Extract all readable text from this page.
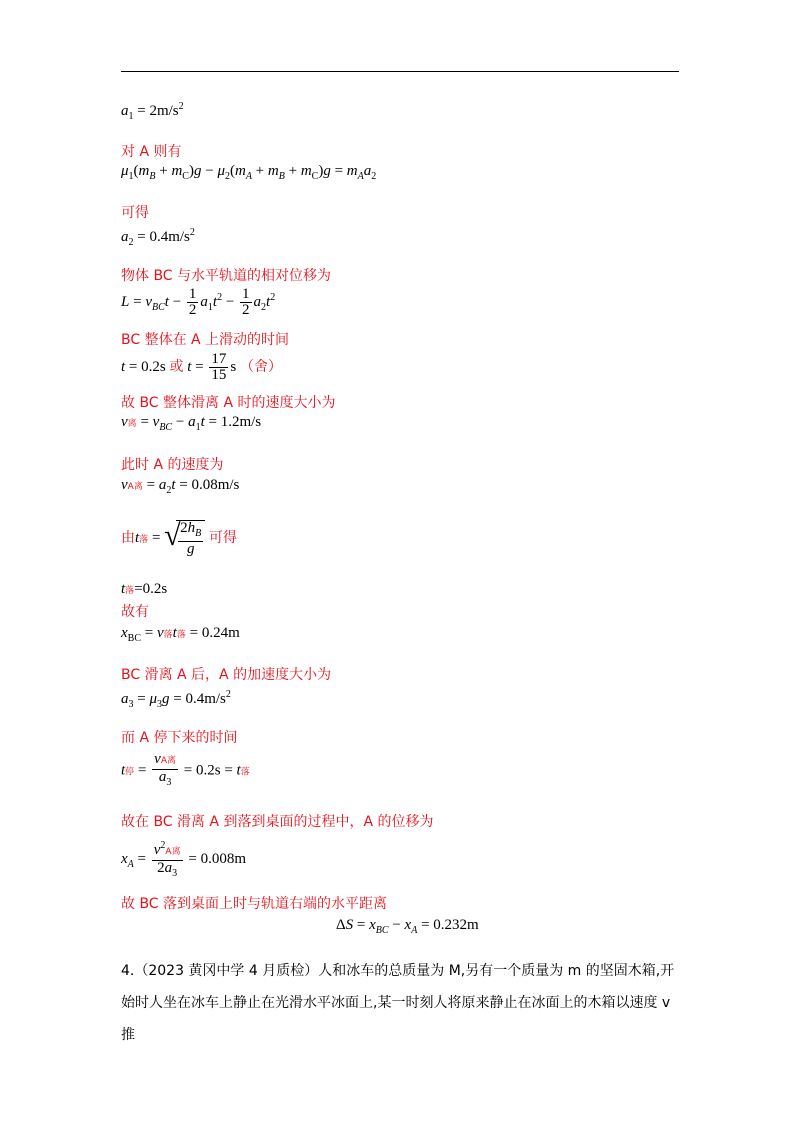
$a_1 = 2m/s^2$
对 A 则有
$\mu_1(m_B + m_C)g - \mu_2(m_A + m_B + m_C)g = m_Aa_2$
可得
$a_2 = 0.4m/s^2$
物体 BC 与水平轨道的相对位移为
$L = v_{BC}t - \frac{1}{2} a_1t^2 - \frac{1}{2} a_2t^2$
BC 整体在 A 上滑动的时间
t = 0.2s 或 $t = \frac{17}{15}$ s （舍）
故 BC 整体滑离 A 时的速度大小为
v离 = $v_{BC} - a_1t = 1.2m/s$
此时 A 的速度为
vA离 = $a_2t = 0.08m/s$
由t落 = √
$\frac{2h_B}{g}$ 可得
t落=0.2s
故有
$x_{BC} = v$落t落 = 0.24m
BC 滑离 A 后，A 的加速度大小为
$a_3 = \mu_3g = 0.4m/s^2$
而 A 停下来的时间
t停 = $\frac{\text{vA离}}{a_3} = 0.2s = t$落
故在 BC 滑离 A 到落到桌面的过程中，A 的位移为
$x_A = \frac{v^2A离}{2a_3} = 0.008m$
故 BC 落到桌面上时与轨道右端的水平距离
$\Delta S = x_{BC} - x_A = 0.232m$
4.（2023 黄冈中学 4 月质检）人和冰车的总质量为 M,另有一个质量为 m 的坚固木箱,开始时人坐在冰车上静止在光滑水平冰面上,某一时刻人将原来静止在冰面上的木箱以速度 v 推
